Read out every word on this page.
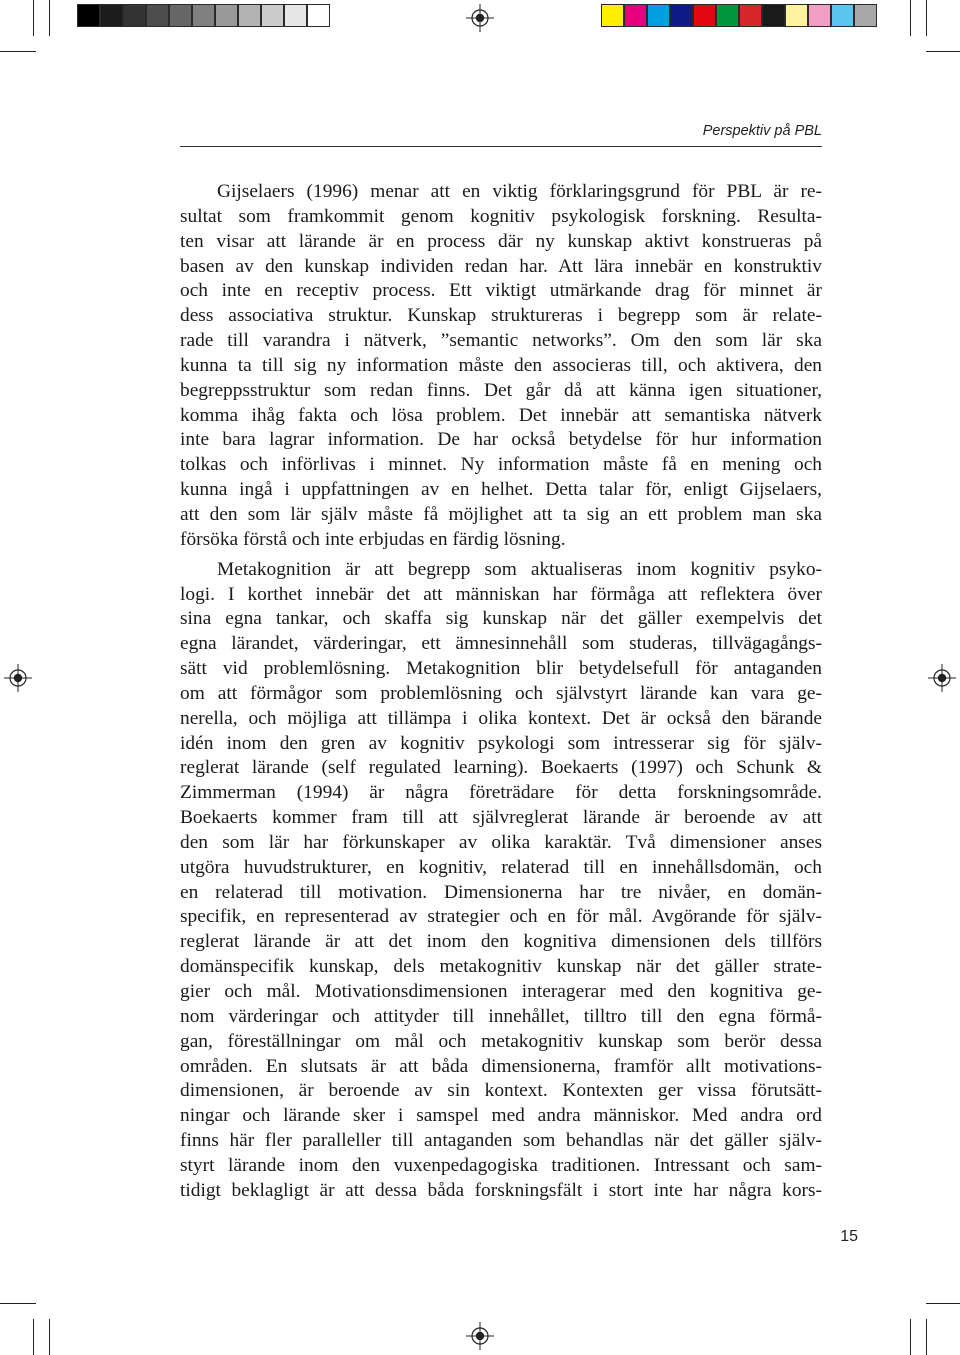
Perspektiv på PBL

Gijselaers (1996) menar att en viktig förklaringsgrund för PBL är re-

sultat som framkommit genom kognitiv psykologisk forskning. Resulta-

ten visar att lärande är en process där ny kunskap aktivt konstrueras på

basen av den kunskap individen redan har. Att lära innebär en konstruktiv

och inte en receptiv process. Ett viktigt utmärkande drag för minnet är

dess associativa struktur. Kunskap struktureras i begrepp som är relate-

rade till varandra i nätverk, ”semantic networks”. Om den som lär ska

kunna ta till sig ny information måste den associeras till, och aktivera, den

begreppsstruktur som redan finns. Det går då att känna igen situationer,

komma ihåg fakta och lösa problem. Det innebär att semantiska nätverk

inte bara lagrar information. De har också betydelse för hur information

tolkas och införlivas i minnet. Ny information måste få en mening och

kunna ingå i uppfattningen av en helhet. Detta talar för, enligt Gijselaers,

att den som lär själv måste få möjlighet att ta sig an ett problem man ska

försöka förstå och inte erbjudas en färdig lösning.

Metakognition är att begrepp som aktualiseras inom kognitiv psyko-

logi. I korthet innebär det att människan har förmåga att reflektera över

sina egna tankar, och skaffa sig kunskap när det gäller exempelvis det

egna lärandet, värderingar, ett ämnesinnehåll som studeras, tillvägagångs-

sätt vid problemlösning. Metakognition blir betydelsefull för antaganden

om att förmågor som problemlösning och självstyrt lärande kan vara ge-

nerella, och möjliga att tillämpa i olika kontext. Det är också den bärande

idén inom den gren av kognitiv psykologi som intresserar sig för själv-

reglerat lärande (self regulated learning). Boekaerts (1997) och Schunk &

Zimmerman (1994) är några företrädare för detta forskningsområde.

Boekaerts kommer fram till att självreglerat lärande är beroende av att

den som lär har förkunskaper av olika karaktär. Två dimensioner anses

utgöra huvudstrukturer, en kognitiv, relaterad till en innehållsdomän, och

en relaterad till motivation. Dimensionerna har tre nivåer, en domän-

specifik, en representerad av strategier och en för mål. Avgörande för själv-

reglerat lärande är att det inom den kognitiva dimensionen dels tillförs

domänspecifik kunskap, dels metakognitiv kunskap när det gäller strate-

gier och mål. Motivationsdimensionen interagerar med den kognitiva ge-

nom värderingar och attityder till innehållet, tilltro till den egna förmå-

gan, föreställningar om mål och metakognitiv kunskap som berör dessa

områden. En slutsats är att båda dimensionerna, framför allt motivations-

dimensionen, är beroende av sin kontext. Kontexten ger vissa förutsätt-

ningar och lärande sker i samspel med andra människor. Med andra ord

finns här fler paralleller till antaganden som behandlas när det gäller själv-

styrt lärande inom den vuxenpedagogiska traditionen. Intressant och sam-

tidigt beklagligt är att dessa båda forskningsfält i stort inte har några kors-

15
